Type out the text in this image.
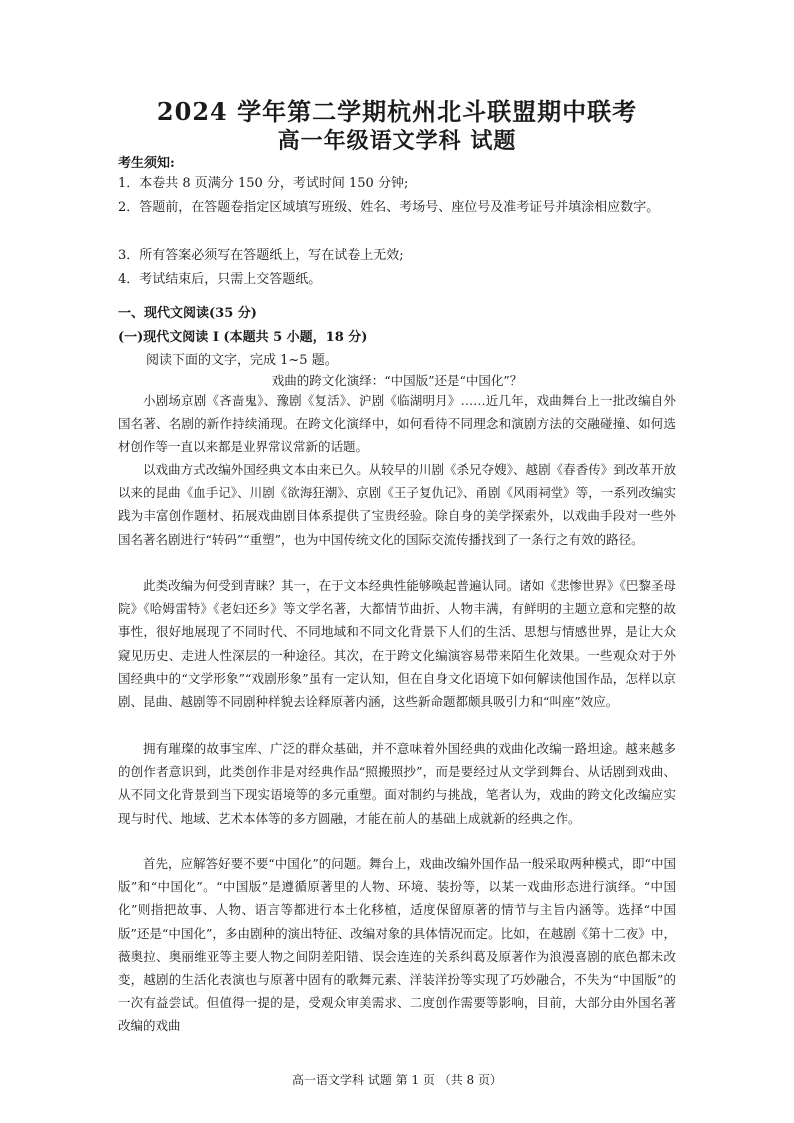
2024 学年第二学期杭州北斗联盟期中联考
高一年级语文学科 试题
考生须知:
1．本卷共 8 页满分 150 分，考试时间 150 分钟;
2．答题前，在答题卷指定区域填写班级、姓名、考场号、座位号及准考证号并填涂相应数字。
3．所有答案必须写在答题纸上，写在试卷上无效;
4．考试结束后，只需上交答题纸。
一、现代文阅读(35 分)
(一)现代文阅读 I (本题共 5 小题，18 分)
阅读下面的文字，完成 1~5 题。
戏曲的跨文化演绎：“中国版”还是“中国化”？
小剧场京剧《吝啬鬼》、豫剧《复活》、沪剧《临湖明月》……近几年，戏曲舞台上一批改编自外国名著、名剧的新作持续涌现。在跨文化演绎中，如何看待不同理念和演剧方法的交融碰撞、如何选材创作等一直以来都是业界常议常新的话题。
以戏曲方式改编外国经典文本由来已久。从较早的川剧《杀兄夺嫂》、越剧《春香传》到改革开放以来的昆曲《血手记》、川剧《欲海狂潮》、京剧《王子复仇记》、甬剧《风雨祠堂》等，一系列改编实践为丰富创作题材、拓展戏曲剧目体系提供了宝贵经验。除自身的美学探索外，以戏曲手段对一些外国名著名剧进行“转码”“重塑”，也为中国传统文化的国际交流传播找到了一条行之有效的路径。
此类改编为何受到青睐？其一，在于文本经典性能够唤起普遍认同。诸如《悲惨世界》《巴黎圣母院》《哈姆雷特》《老妇还乡》等文学名著，大都情节曲折、人物丰满，有鲜明的主题立意和完整的故事性，很好地展现了不同时代、不同地域和不同文化背景下人们的生活、思想与情感世界，是让大众窥见历史、走进人性深层的一种途径。其次，在于跨文化编演容易带来陌生化效果。一些观众对于外国经典中的“文学形象”“戏剧形象”虽有一定认知，但在自身文化语境下如何解读他国作品，怎样以京剧、昆曲、越剧等不同剧种样貌去诠释原著内涵，这些新命题都颇具吸引力和“叫座”效应。
拥有璀璨的故事宝库、广泛的群众基础，并不意味着外国经典的戏曲化改编一路坦途。越来越多的创作者意识到，此类创作非是对经典作品“照搬照抄”，而是要经过从文学到舞台、从话剧到戏曲、从不同文化背景到当下现实语境等的多元重塑。面对制约与挑战，笔者认为，戏曲的跨文化改编应实现与时代、地域、艺术本体等的多方圆融，才能在前人的基础上成就新的经典之作。
首先，应解答好要不要“中国化”的问题。舞台上，戏曲改编外国作品一般采取两种模式，即“中国版”和“中国化”。“中国版”是遵循原著里的人物、环境、装扮等，以某一戏曲形态进行演绎。“中国化”则指把故事、人物、语言等都进行本土化移植，适度保留原著的情节与主旨内涵等。选择“中国版”还是“中国化”，多由剧种的演出特征、改编对象的具体情况而定。比如，在越剧《第十二夜》中，薇奥拉、奥丽维亚等主要人物之间阴差阳错、误会连连的关系纠葛及原著作为浪漫喜剧的底色都未改变，越剧的生活化表演也与原著中固有的歌舞元素、洋装洋扮等实现了巧妙融合，不失为“中国版”的一次有益尝试。但值得一提的是，受观众审美需求、二度创作需要等影响，目前，大部分由外国名著改编的戏曲
高一语文学科 试题 第 1 页 （共 8 页）
